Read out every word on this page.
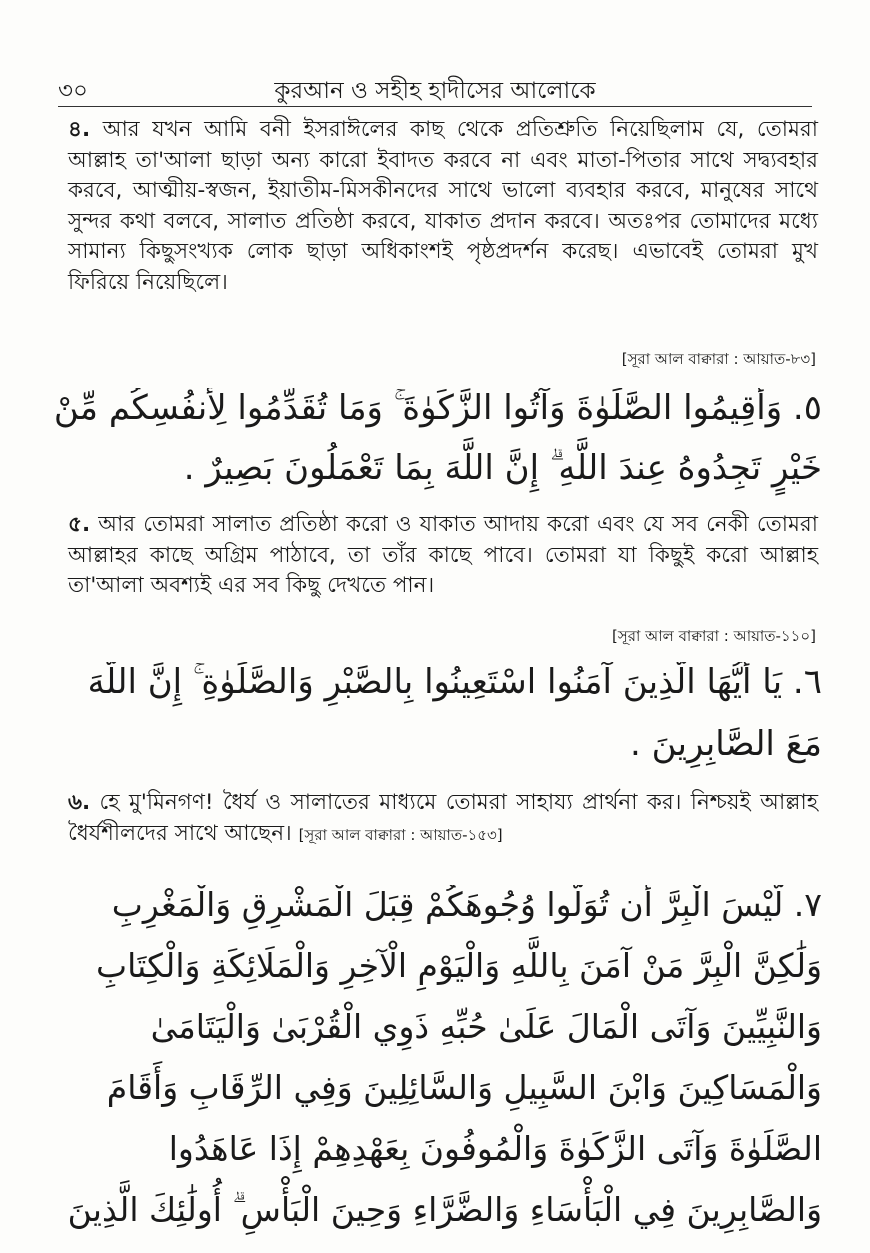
৩০	কুরআন ও সহীহ হাদীসের আলোকে

৪. আর যখন আমি বনী ইসরাঈলের কাছ থেকে প্রতিশ্রুতি নিয়েছিলাম যে, তোমরা আল্লাহ তা'আলা ছাড়া অন্য কারো ইবাদত করবে না এবং মাতা-পিতার সাথে সদ্ব্যবহার করবে, আত্মীয়-স্বজন, ইয়াতীম-মিসকীনদের সাথে ভালো ব্যবহার করবে, মানুষের সাথে সুন্দর কথা বলবে, সালাত প্রতিষ্ঠা করবে, যাকাত প্রদান করবে। অতঃপর তোমাদের মধ্যে সামান্য কিছুসংখ্যক লোক ছাড়া অধিকাংশই পৃষ্ঠপ্রদর্শন করেছ। এভাবেই তোমরা মুখ ফিরিয়ে নিয়েছিলে।

[সূরা আল বাক্বারা : আয়াত-৮৩]
٥. وَأَقِيمُوا الصَّلَوٰةَ وَآتُوا الزَّكَوٰةَ ۚ وَمَا تُقَدِّمُوا لِأَنفُسِكُم مِّنْ
خَيْرٍ تَجِدُوهُ عِندَ اللَّهِ ۗ إِنَّ اللَّهَ بِمَا تَعْمَلُونَ بَصِيرٌ .

৫. আর তোমরা সালাত প্রতিষ্ঠা করো ও যাকাত আদায় করো এবং যে সব নেকী তোমরা আল্লাহর কাছে অগ্রিম পাঠাবে, তা তাঁর কাছে পাবে। তোমরা যা কিছুই করো আল্লাহ তা'আলা অবশ্যই এর সব কিছু দেখতে পান।

[সূরা আল বাক্বারা : আয়াত-১১০]
٦. يَا أَيُّهَا الَّذِينَ آمَنُوا اسْتَعِينُوا بِالصَّبْرِ وَالصَّلَوٰةِ ۚ إِنَّ اللَّهَ
مَعَ الصَّابِرِينَ .

৬. হে মু'মিনগণ! ধৈর্য ও সালাতের মাধ্যমে তোমরা সাহায্য প্রার্থনা কর। নিশ্চয়ই আল্লাহ ধৈর্যশীলদের সাথে আছেন। [সূরা আল বাক্বারা : আয়াত-১৫৩]

٧. لَّيْسَ الْبِرَّ أَن تُوَلُّوا وُجُوهَكُمْ قِبَلَ الْمَشْرِقِ وَالْمَغْرِبِ
وَلَٰكِنَّ الْبِرَّ مَنْ آمَنَ بِاللَّهِ وَالْيَوْمِ الْآخِرِ وَالْمَلَائِكَةِ وَالْكِتَابِ
وَالنَّبِيِّينَ وَآتَى الْمَالَ عَلَىٰ حُبِّهِ ذَوِي الْقُرْبَىٰ وَالْيَتَامَىٰ
وَالْمَسَاكِينَ وَابْنَ السَّبِيلِ وَالسَّائِلِينَ وَفِي الرِّقَابِ وَأَقَامَ
الصَّلَوٰةَ وَآتَى الزَّكَوٰةَ وَالْمُوفُونَ بِعَهْدِهِمْ إِذَا عَاهَدُوا
وَالصَّابِرِينَ فِي الْبَأْسَاءِ وَالضَّرَّاءِ وَحِينَ الْبَأْسِ ۗ أُولَٰئِكَ الَّذِينَ
